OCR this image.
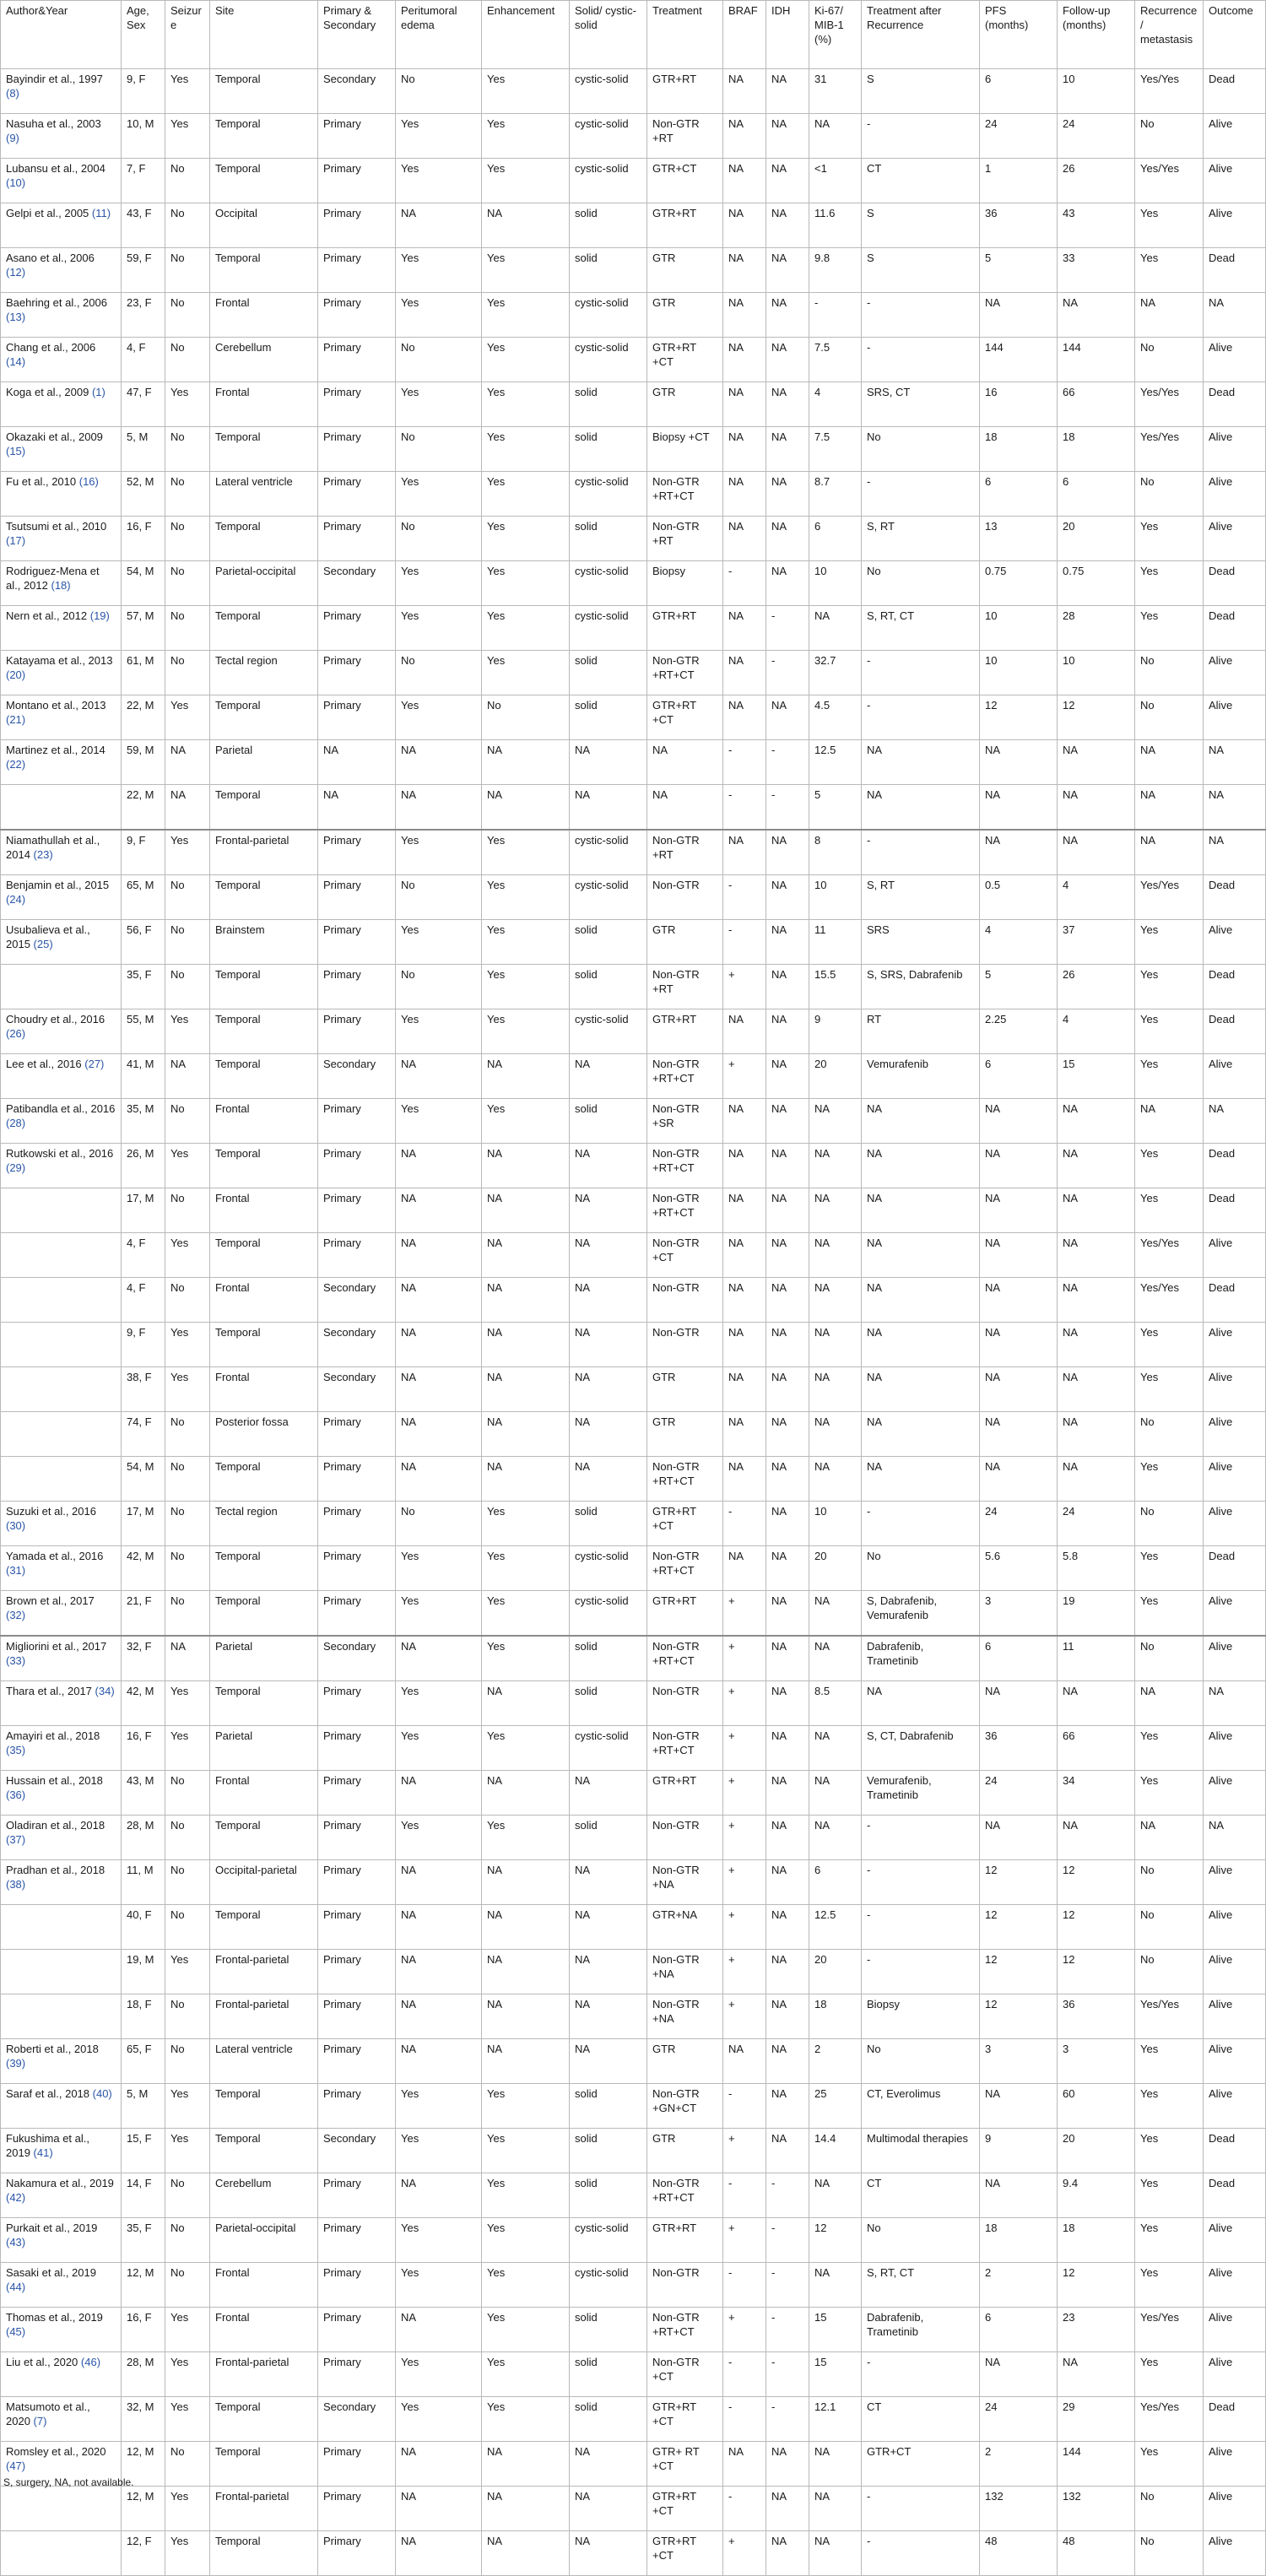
Author&Year	Age, Sex	Seizure	Site	Primary & Secondary	Peritumoral edema	Enhancement	Solid/ cystic-solid	Treatment	BRAF	IDH	Ki-67/ MIB-1 (%)	Treatment after Recurrence	PFS (months)	Follow-up (months)	Recurrence/ metastasis	Outcome
Bayindir et al., 1997 (8)	9, F	Yes	Temporal	Secondary	No	Yes	cystic-solid	GTR+RT	NA	NA	31	S	6	10	Yes/Yes	Dead
Nasuha et al., 2003 (9)	10, M	Yes	Temporal	Primary	Yes	Yes	cystic-solid	Non-GTR +RT	NA	NA	NA	-	24	24	No	Alive
Lubansu et al., 2004 (10)	7, F	No	Temporal	Primary	Yes	Yes	cystic-solid	GTR+CT	NA	NA	<1	CT	1	26	Yes/Yes	Alive
Gelpi et al., 2005 (11)	43, F	No	Occipital	Primary	NA	NA	solid	GTR+RT	NA	NA	11.6	S	36	43	Yes	Alive
Asano et al., 2006 (12)	59, F	No	Temporal	Primary	Yes	Yes	solid	GTR	NA	NA	9.8	S	5	33	Yes	Dead
Baehring et al., 2006 (13)	23, F	No	Frontal	Primary	Yes	Yes	cystic-solid	GTR	NA	NA	-	-	NA	NA	NA	NA
Chang et al., 2006 (14)	4, F	No	Cerebellum	Primary	No	Yes	cystic-solid	GTR+RT +CT	NA	NA	7.5	-	144	144	No	Alive
Koga et al., 2009 (1)	47, F	Yes	Frontal	Primary	Yes	Yes	solid	GTR	NA	NA	4	SRS, CT	16	66	Yes/Yes	Dead
Okazaki et al., 2009 (15)	5, M	No	Temporal	Primary	No	Yes	solid	Biopsy +CT	NA	NA	7.5	No	18	18	Yes/Yes	Alive
Fu et al., 2010 (16)	52, M	No	Lateral ventricle	Primary	Yes	Yes	cystic-solid	Non-GTR +RT+CT	NA	NA	8.7	-	6	6	No	Alive
Tsutsumi et al., 2010 (17)	16, F	No	Temporal	Primary	No	Yes	solid	Non-GTR +RT	NA	NA	6	S, RT	13	20	Yes	Alive
Rodriguez-Mena et al., 2012 (18)	54, M	No	Parietal-occipital	Secondary	Yes	Yes	cystic-solid	Biopsy	-	NA	10	No	0.75	0.75	Yes	Dead
Nern et al., 2012 (19)	57, M	No	Temporal	Primary	Yes	Yes	cystic-solid	GTR+RT	NA	-	NA	S, RT, CT	10	28	Yes	Dead
Katayama et al., 2013 (20)	61, M	No	Tectal region	Primary	No	Yes	solid	Non-GTR +RT+CT	NA	-	32.7	-	10	10	No	Alive
Montano et al., 2013 (21)	22, M	Yes	Temporal	Primary	Yes	No	solid	GTR+RT +CT	NA	NA	4.5	-	12	12	No	Alive
Martinez et al., 2014 (22)	59, M	NA	Parietal	NA	NA	NA	NA	NA	-	-	12.5	NA	NA	NA	NA	NA
	22, M	NA	Temporal	NA	NA	NA	NA	NA	-	-	5	NA	NA	NA	NA	NA
Niamathullah et al., 2014 (23)	9, F	Yes	Frontal-parietal	Primary	Yes	Yes	cystic-solid	Non-GTR +RT	NA	NA	8	-	NA	NA	NA	NA
Benjamin et al., 2015 (24)	65, M	No	Temporal	Primary	No	Yes	cystic-solid	Non-GTR	-	NA	10	S, RT	0.5	4	Yes/Yes	Dead
Usubalieva et al., 2015 (25)	56, F	No	Brainstem	Primary	Yes	Yes	solid	GTR	-	NA	11	SRS	4	37	Yes	Alive
	35, F	No	Temporal	Primary	No	Yes	solid	Non-GTR +RT	+	NA	15.5	S, SRS, Dabrafenib	5	26	Yes	Dead
Choudry et al., 2016 (26)	55, M	Yes	Temporal	Primary	Yes	Yes	cystic-solid	GTR+RT	NA	NA	9	RT	2.25	4	Yes	Dead
Lee et al., 2016 (27)	41, M	NA	Temporal	Secondary	NA	NA	NA	Non-GTR +RT+CT	+	NA	20	Vemurafenib	6	15	Yes	Alive
Patibandla et al., 2016 (28)	35, M	No	Frontal	Primary	Yes	Yes	solid	Non-GTR +SR	NA	NA	NA	NA	NA	NA	NA	NA
Rutkowski et al., 2016 (29)	26, M	Yes	Temporal	Primary	NA	NA	NA	Non-GTR +RT+CT	NA	NA	NA	NA	NA	NA	Yes	Dead
	17, M	No	Frontal	Primary	NA	NA	NA	Non-GTR +RT+CT	NA	NA	NA	NA	NA	NA	Yes	Dead
	4, F	Yes	Temporal	Primary	NA	NA	NA	Non-GTR +CT	NA	NA	NA	NA	NA	NA	Yes/Yes	Alive
	4, F	No	Frontal	Secondary	NA	NA	NA	Non-GTR	NA	NA	NA	NA	NA	NA	Yes/Yes	Dead
	9, F	Yes	Temporal	Secondary	NA	NA	NA	Non-GTR	NA	NA	NA	NA	NA	NA	Yes	Alive
	38, F	Yes	Frontal	Secondary	NA	NA	NA	GTR	NA	NA	NA	NA	NA	NA	Yes	Alive
	74, F	No	Posterior fossa	Primary	NA	NA	NA	GTR	NA	NA	NA	NA	NA	NA	No	Alive
	54, M	No	Temporal	Primary	NA	NA	NA	Non-GTR +RT+CT	NA	NA	NA	NA	NA	NA	Yes	Alive
Suzuki et al., 2016 (30)	17, M	No	Tectal region	Primary	No	Yes	solid	GTR+RT +CT	-	NA	10	-	24	24	No	Alive
Yamada et al., 2016 (31)	42, M	No	Temporal	Primary	Yes	Yes	cystic-solid	Non-GTR +RT+CT	NA	NA	20	No	5.6	5.8	Yes	Dead
Brown et al., 2017 (32)	21, F	No	Temporal	Primary	Yes	Yes	cystic-solid	GTR+RT	+	NA	NA	S, Dabrafenib, Vemurafenib	3	19	Yes	Alive
Migliorini et al., 2017 (33)	32, F	NA	Parietal	Secondary	NA	Yes	solid	Non-GTR +RT+CT	+	NA	NA	Dabrafenib, Trametinib	6	11	No	Alive
Thara et al., 2017 (34)	42, M	Yes	Temporal	Primary	Yes	NA	solid	Non-GTR	+	NA	8.5	NA	NA	NA	NA	NA
Amayiri et al., 2018 (35)	16, F	Yes	Parietal	Primary	Yes	Yes	cystic-solid	Non-GTR +RT+CT	+	NA	NA	S, CT, Dabrafenib	36	66	Yes	Alive
Hussain et al., 2018 (36)	43, M	No	Frontal	Primary	NA	NA	NA	GTR+RT	+	NA	NA	Vemurafenib, Trametinib	24	34	Yes	Alive
Oladiran et al., 2018 (37)	28, M	No	Temporal	Primary	Yes	Yes	solid	Non-GTR	+	NA	NA	-	NA	NA	NA	NA
Pradhan et al., 2018 (38)	11, M	No	Occipital-parietal	Primary	NA	NA	NA	Non-GTR +NA	+	NA	6	-	12	12	No	Alive
	40, F	No	Temporal	Primary	NA	NA	NA	GTR+NA	+	NA	12.5	-	12	12	No	Alive
	19, M	Yes	Frontal-parietal	Primary	NA	NA	NA	Non-GTR +NA	+	NA	20	-	12	12	No	Alive
	18, F	No	Frontal-parietal	Primary	NA	NA	NA	Non-GTR +NA	+	NA	18	Biopsy	12	36	Yes/Yes	Alive
Roberti et al., 2018 (39)	65, F	No	Lateral ventricle	Primary	NA	NA	NA	GTR	NA	NA	2	No	3	3	Yes	Alive
Saraf et al., 2018 (40)	5, M	Yes	Temporal	Primary	Yes	Yes	solid	Non-GTR +GN+CT	-	NA	25	CT, Everolimus	NA	60	Yes	Alive
Fukushima et al., 2019 (41)	15, F	Yes	Temporal	Secondary	Yes	Yes	solid	GTR	+	NA	14.4	Multimodal therapies	9	20	Yes	Dead
Nakamura et al., 2019 (42)	14, F	No	Cerebellum	Primary	NA	Yes	solid	Non-GTR +RT+CT	-	-	NA	CT	NA	9.4	Yes	Dead
Purkait et al., 2019 (43)	35, F	No	Parietal-occipital	Primary	Yes	Yes	cystic-solid	GTR+RT	+	-	12	No	18	18	Yes	Alive
Sasaki et al., 2019 (44)	12, M	No	Frontal	Primary	Yes	Yes	cystic-solid	Non-GTR	-	-	NA	S, RT, CT	2	12	Yes	Alive
Thomas et al., 2019 (45)	16, F	Yes	Frontal	Primary	NA	Yes	solid	Non-GTR +RT+CT	+	-	15	Dabrafenib, Trametinib	6	23	Yes/Yes	Alive
Liu et al., 2020 (46)	28, M	Yes	Frontal-parietal	Primary	Yes	Yes	solid	Non-GTR +CT	-	-	15	-	NA	NA	Yes	Alive
Matsumoto et al., 2020 (7)	32, M	Yes	Temporal	Secondary	Yes	Yes	solid	GTR+RT +CT	-	-	12.1	CT	24	29	Yes/Yes	Dead
Romsley et al., 2020 (47)	12, M	No	Temporal	Primary	NA	NA	NA	GTR+ RT +CT	NA	NA	NA	GTR+CT	2	144	Yes	Alive
	12, M	Yes	Frontal-parietal	Primary	NA	NA	NA	GTR+RT +CT	-	NA	NA	-	132	132	No	Alive
	12, F	Yes	Temporal	Primary	NA	NA	NA	GTR+RT +CT	+	NA	NA	-	48	48	No	Alive
S, surgery, NA, not available.
